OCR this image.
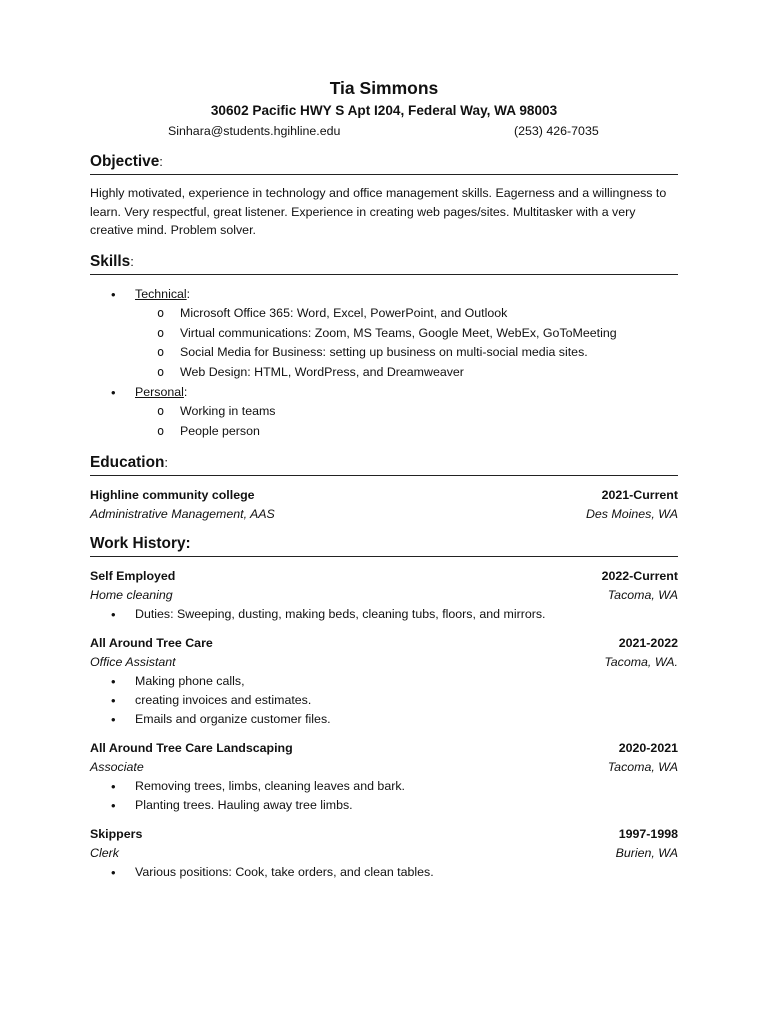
Tia Simmons
30602 Pacific HWY S Apt I204, Federal Way, WA 98003
Sinhara@students.hgihline.edu	(253) 426-7035
Objective:
Highly motivated, experience in technology and office management skills. Eagerness and a willingness to learn. Very respectful, great listener. Experience in creating web pages/sites. Multitasker with a very creative mind. Problem solver.
Skills:
• Technical:
o Microsoft Office 365: Word, Excel, PowerPoint, and Outlook
o Virtual communications: Zoom, MS Teams, Google Meet, WebEx, GoToMeeting
o Social Media for Business: setting up business on multi-social media sites.
o Web Design: HTML, WordPress, and Dreamweaver
• Personal:
o Working in teams
o People person
Education:
Highline community college	2021-Current
Administrative Management, AAS	Des Moines, WA
Work History:
Self Employed	2022-Current
Home cleaning	Tacoma, WA
• Duties: Sweeping, dusting, making beds, cleaning tubs, floors, and mirrors.
All Around Tree Care	2021-2022
Office Assistant	Tacoma, WA.
• Making phone calls,
• creating invoices and estimates.
• Emails and organize customer files.
All Around Tree Care Landscaping	2020-2021
Associate	Tacoma, WA
• Removing trees, limbs, cleaning leaves and bark.
• Planting trees. Hauling away tree limbs.
Skippers	1997-1998
Clerk	Burien, WA
• Various positions: Cook, take orders, and clean tables.
